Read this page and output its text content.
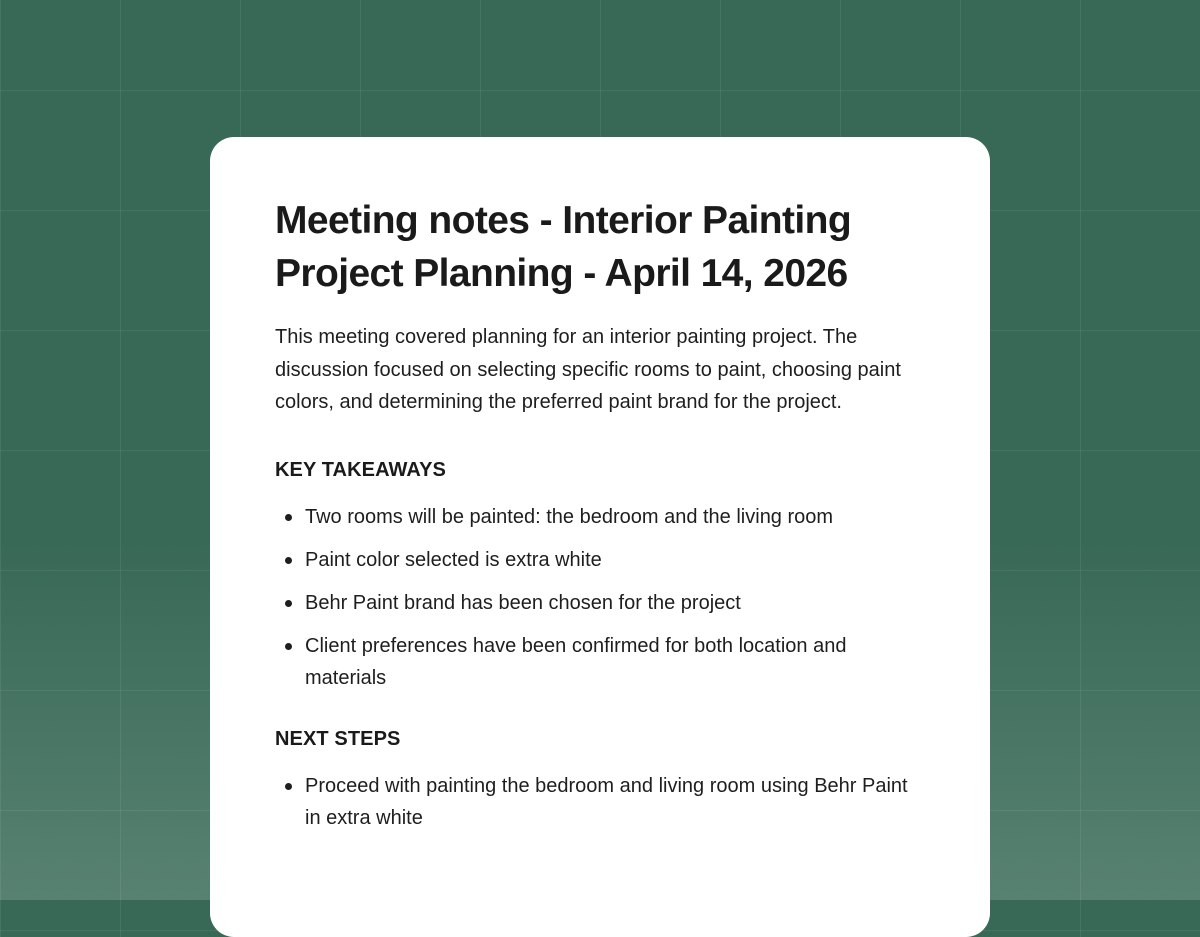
Meeting notes - Interior Painting Project Planning - April 14, 2026

This meeting covered planning for an interior painting project. The discussion focused on selecting specific rooms to paint, choosing paint colors, and determining the preferred paint brand for the project.

KEY TAKEAWAYS
Two rooms will be painted: the bedroom and the living room
Paint color selected is extra white
Behr Paint brand has been chosen for the project
Client preferences have been confirmed for both location and materials
NEXT STEPS
Proceed with painting the bedroom and living room using Behr Paint in extra white
